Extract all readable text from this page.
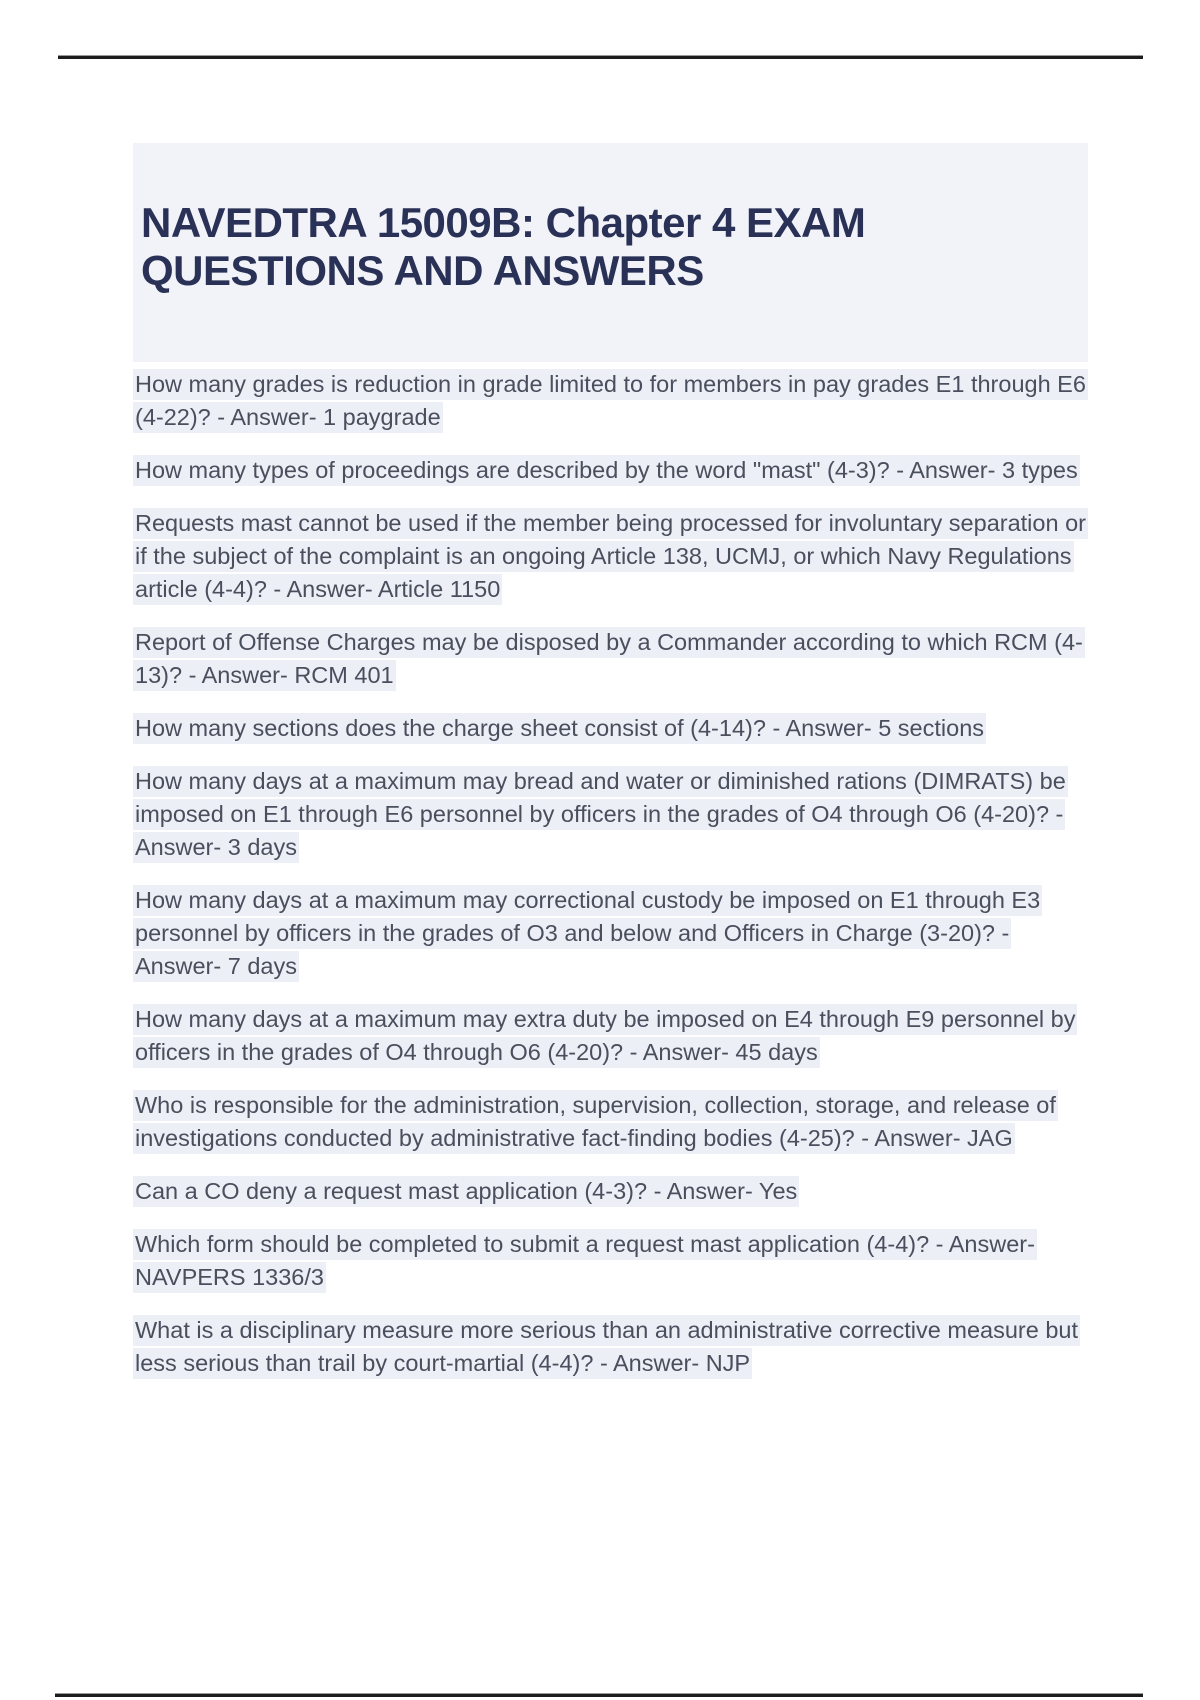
NAVEDTRA 15009B: Chapter 4 EXAM QUESTIONS AND ANSWERS

How many grades is reduction in grade limited to for members in pay grades E1 through E6 (4-22)? - Answer- 1 paygrade

How many types of proceedings are described by the word "mast" (4-3)? - Answer- 3 types

Requests mast cannot be used if the member being processed for involuntary separation or if the subject of the complaint is an ongoing Article 138, UCMJ, or which Navy Regulations article (4-4)? - Answer- Article 1150

Report of Offense Charges may be disposed by a Commander according to which RCM (4-13)? - Answer- RCM 401

How many sections does the charge sheet consist of (4-14)? - Answer- 5 sections

How many days at a maximum may bread and water or diminished rations (DIMRATS) be imposed on E1 through E6 personnel by officers in the grades of O4 through O6 (4-20)? - Answer- 3 days

How many days at a maximum may correctional custody be imposed on E1 through E3 personnel by officers in the grades of O3 and below and Officers in Charge (3-20)? - Answer- 7 days

How many days at a maximum may extra duty be imposed on E4 through E9 personnel by officers in the grades of O4 through O6 (4-20)? - Answer- 45 days

Who is responsible for the administration, supervision, collection, storage, and release of investigations conducted by administrative fact-finding bodies (4-25)? - Answer- JAG

Can a CO deny a request mast application (4-3)? - Answer- Yes

Which form should be completed to submit a request mast application (4-4)? - Answer- NAVPERS 1336/3

What is a disciplinary measure more serious than an administrative corrective measure but less serious than trail by court-martial (4-4)? - Answer- NJP
